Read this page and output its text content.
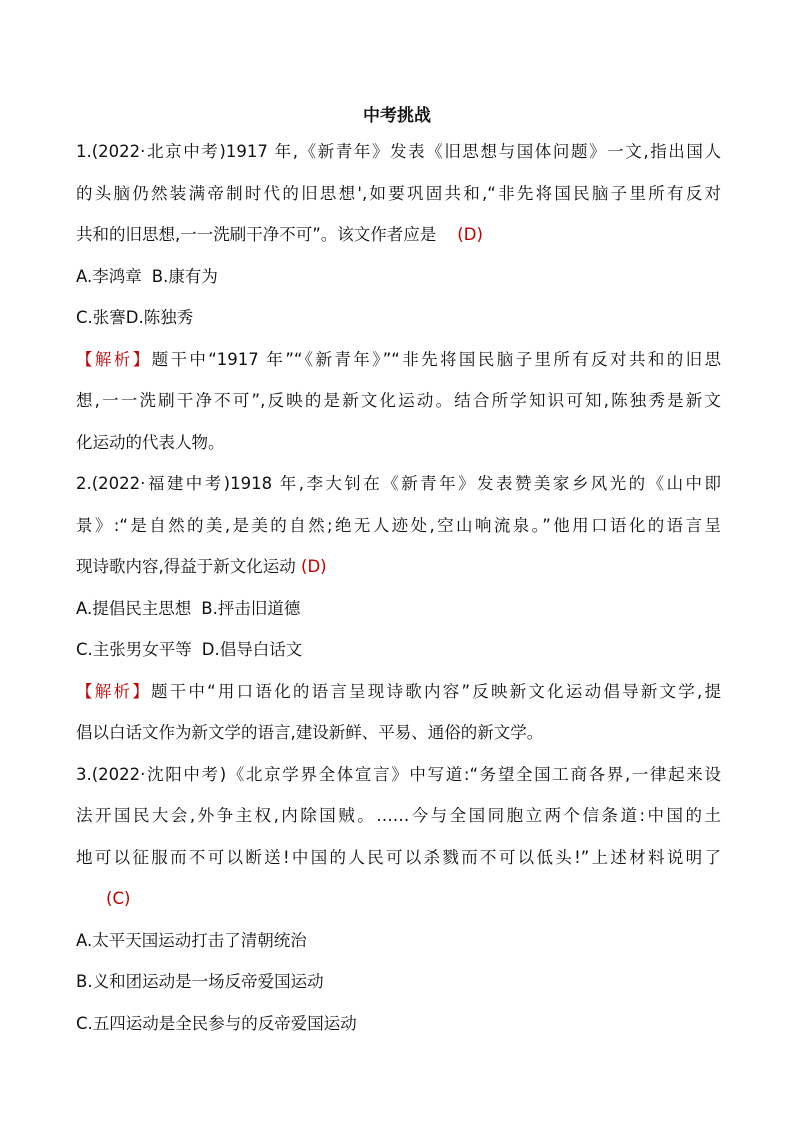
中考挑战
1.(2022·北京中考)1917 年,《新青年》发表《旧思想与国体问题》一文,指出国人
的头脑仍然装满帝制时代的旧思想',如要巩固共和,“非先将国民脑子里所有反对
共和的旧思想,一一洗刷干净不可”。该文作者应是 (D)
A.李鸿章 B.康有为
C.张謇D.陈独秀
【解析】题干中“1917 年”“《新青年》”“非先将国民脑子里所有反对共和的旧思
想,一一洗刷干净不可”,反映的是新文化运动。结合所学知识可知,陈独秀是新文
化运动的代表人物。
2.(2022·福建中考)1918 年,李大钊在《新青年》发表赞美家乡风光的《山中即
景》:“是自然的美,是美的自然;绝无人迹处,空山响流泉。”他用口语化的语言呈
现诗歌内容,得益于新文化运动 (D)
A.提倡民主思想 B.抨击旧道德
C.主张男女平等 D.倡导白话文
【解析】题干中“用口语化的语言呈现诗歌内容”反映新文化运动倡导新文学,提
倡以白话文作为新文学的语言,建设新鲜、平易、通俗的新文学。
3.(2022·沈阳中考)《北京学界全体宣言》中写道:“务望全国工商各界,一律起来设
法开国民大会,外争主权,内除国贼。……今与全国同胞立两个信条道:中国的土
地可以征服而不可以断送!中国的人民可以杀戮而不可以低头!”上述材料说明了
(C)
A.太平天国运动打击了清朝统治
B.义和团运动是一场反帝爱国运动
C.五四运动是全民参与的反帝爱国运动
